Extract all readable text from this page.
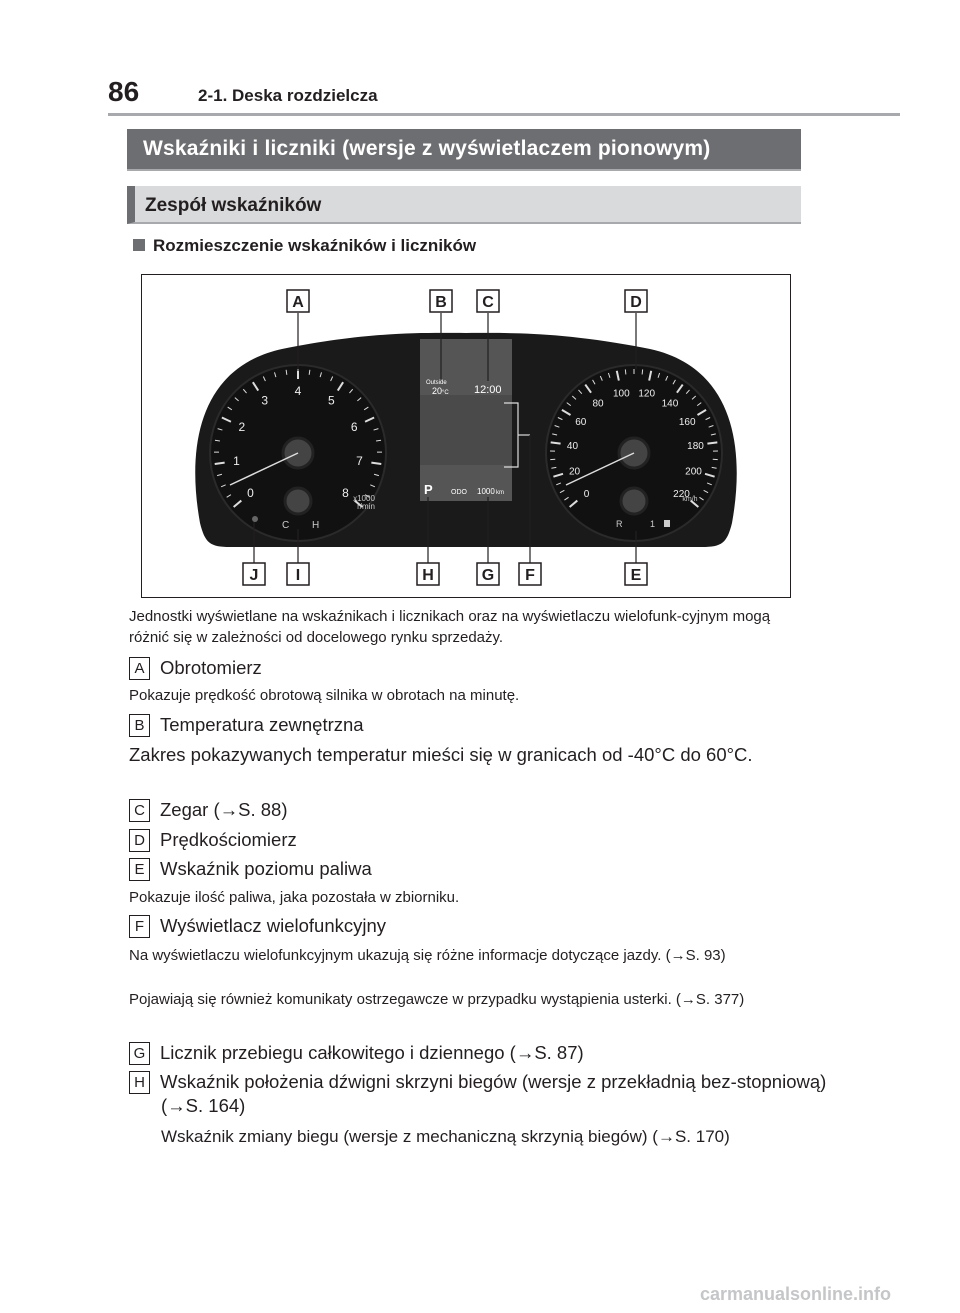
86	2-1. Deska rozdzielcza
Wskaźniki i liczniki (wersje z wyświetlaczem pionowym)
Zespół wskaźników
Rozmieszczenie wskaźników i liczników
0
1
2
3
4
5
6
7
8 x1000
r/min
C H
Outside
20 °C 12:00
P	ODO 1000 km	0
20
40
60
80
100 120
140
160
180
200
220
km/h
R	1
A	B C	D
J I	H	G F	E
Jednostki wyświetlane na wskaźnikach i licznikach oraz na wyświetlaczu wielofunk-cyjnym mogą różnić się w zależności od docelowego rynku sprzedaży.
A Obrotomierz
Pokazuje prędkość obrotową silnika w obrotach na minutę.
B Temperatura zewnętrzna
Zakres pokazywanych temperatur mieści się w granicach od -40°C do 60°C.
C Zegar (→S. 88)
D Prędkościomierz
E Wskaźnik poziomu paliwa
Pokazuje ilość paliwa, jaka pozostała w zbiorniku.
F Wyświetlacz wielofunkcyjny
Na wyświetlaczu wielofunkcyjnym ukazują się różne informacje dotyczące jazdy. (→S. 93)
Pojawiają się również komunikaty ostrzegawcze w przypadku wystąpienia usterki. (→S. 377)
G Licznik przebiegu całkowitego i dziennego (→S. 87)
H Wskaźnik położenia dźwigni skrzyni biegów (wersje z przekładnią bez-stopniową) (→S. 164)
Wskaźnik zmiany biegu (wersje z mechaniczną skrzynią biegów) (→S. 170)
carmanualsonline.info
